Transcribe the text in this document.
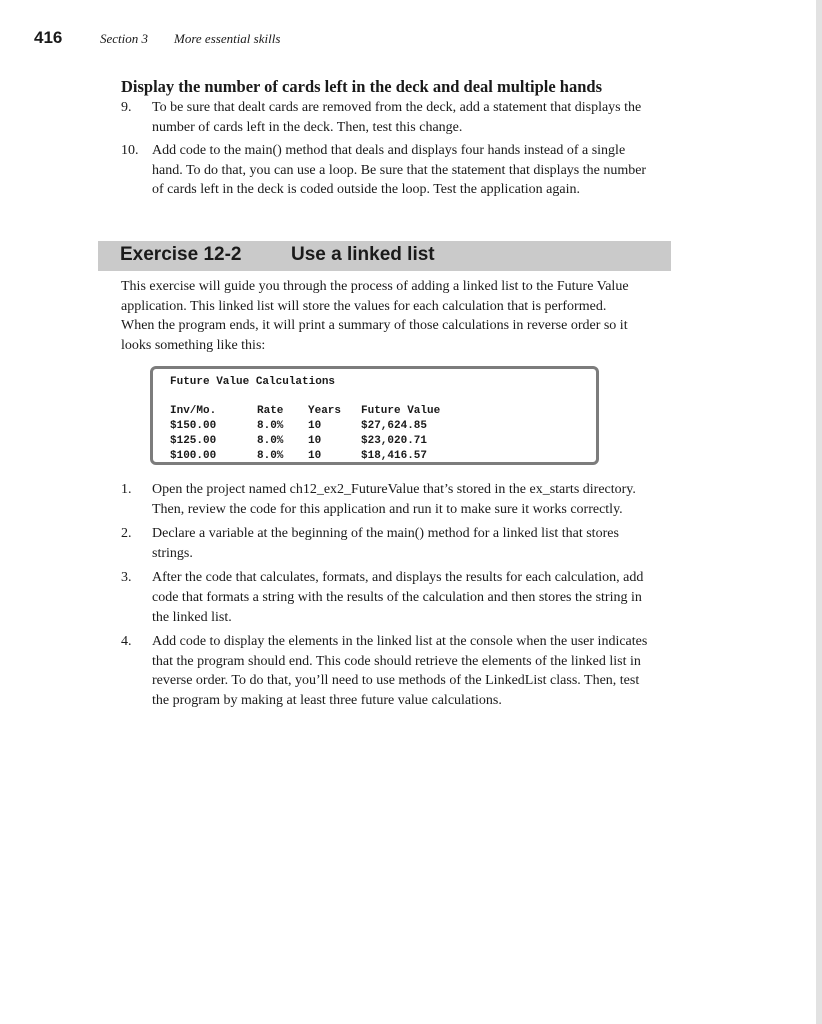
416	Section 3 More essential skills
Display the number of cards left in the deck and deal multiple hands
9. To be sure that dealt cards are removed from the deck, add a statement that displays the number of cards left in the deck. Then, test this change.
10. Add code to the main() method that deals and displays four hands instead of a single hand. To do that, you can use a loop. Be sure that the statement that displays the number of cards left in the deck is coded outside the loop. Test the application again.
Exercise 12-2	Use a linked list

This exercise will guide you through the process of adding a linked list to the Future Value application. This linked list will store the values for each calculation that is performed. When the program ends, it will print a summary of those calculations in reverse order so it looks something like this:

Future Value Calculations
Inv/Mo.	Rate Years Future Value
$150.00	8.0% 10	$27,624.85
$125.00	8.0% 10	$23,020.71
$100.00	8.0% 10	$18,416.57
1. Open the project named ch12_ex2_FutureValue that’s stored in the ex_starts directory. Then, review the code for this application and run it to make sure it works correctly.
2. Declare a variable at the beginning of the main() method for a linked list that stores strings.
3. After the code that calculates, formats, and displays the results for each calculation, add code that formats a string with the results of the calculation and then stores the string in the linked list.
4. Add code to display the elements in the linked list at the console when the user indicates that the program should end. This code should retrieve the elements of the linked list in reverse order. To do that, you’ll need to use methods of the LinkedList class. Then, test the program by making at least three future value calculations.
